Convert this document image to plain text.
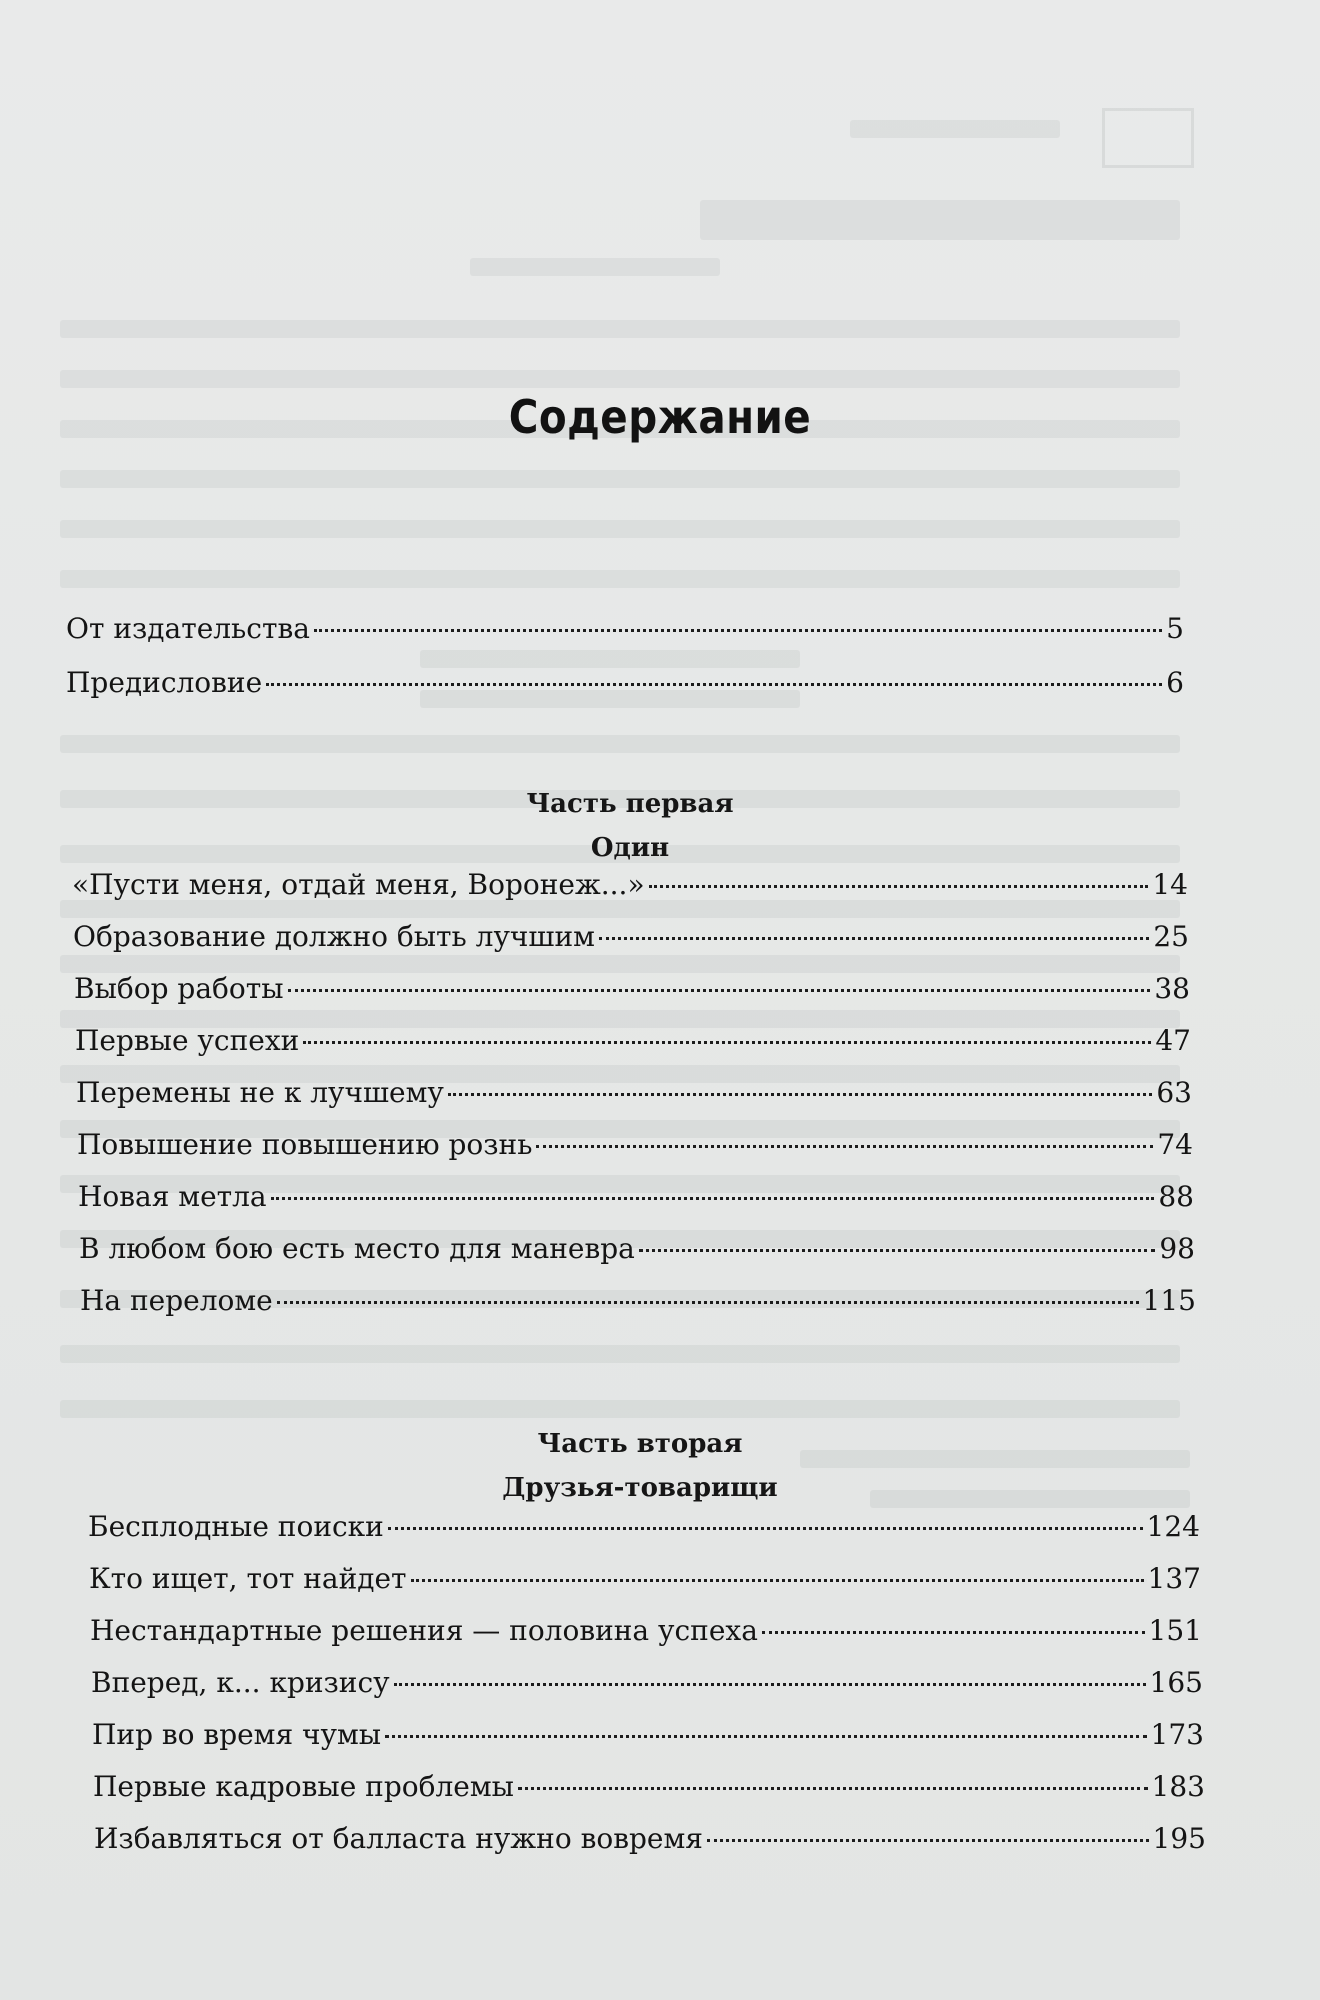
Содержание
От издательства	5
Предисловие	6
Часть первая
Один
«Пусти меня, отдай меня, Воронеж...»	14
Образование должно быть лучшим	25
Выбор работы	38
Первые успехи	47
Перемены не к лучшему	63
Повышение повышению рознь	74
Новая метла	88
В любом бою есть место для маневра	98
На переломе	115
Часть вторая
Друзья-товарищи
Бесплодные поиски	124
Кто ищет, тот найдет	137
Нестандартные решения — половина успеха	151
Вперед, к... кризису	165
Пир во время чумы	173
Первые кадровые проблемы	183
Избавляться от балласта нужно вовремя	195
